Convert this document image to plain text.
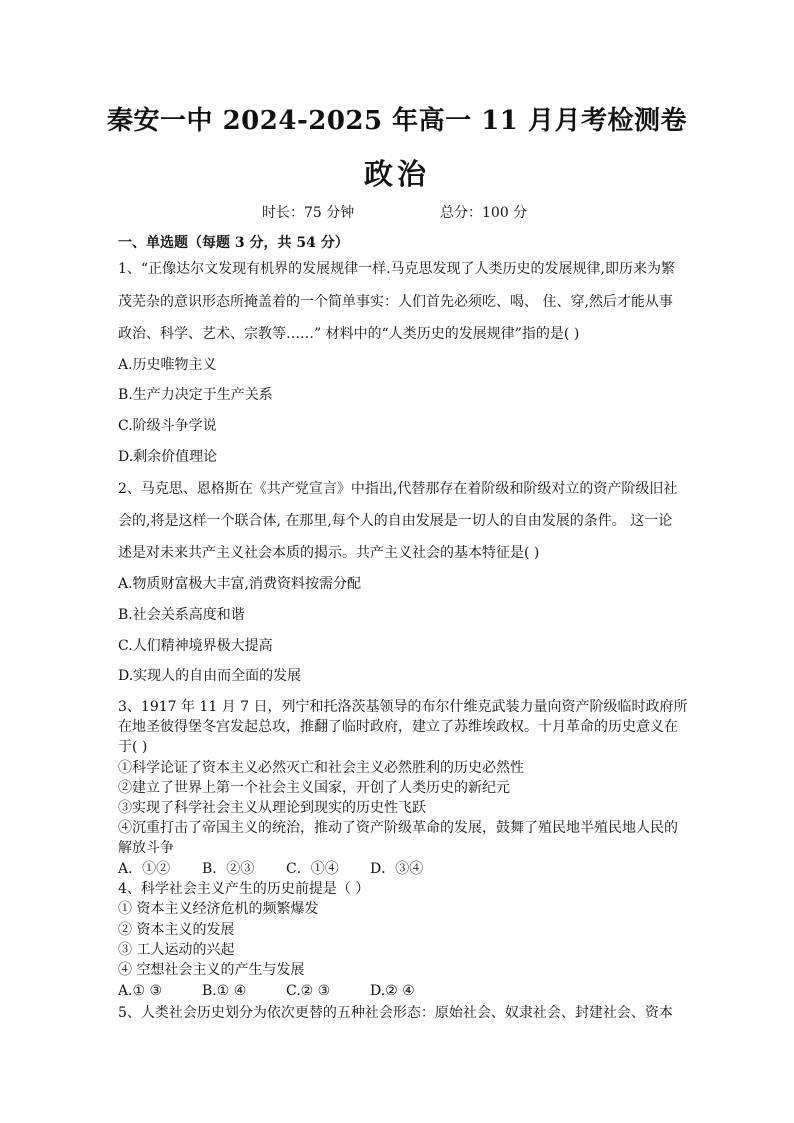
秦安一中 2024-2025 年高一 11 月月考检测卷
政治
时长：75 分钟	总分：100 分
一、单选题（每题 3 分，共 54 分）
1、“正像达尔文发现有机界的发展规律一样.马克思发现了人类历史的发展规律,即历来为繁
茂芜杂的意识形态所掩盖着的一个简单事实：人们首先必须吃、喝、 住、穿,然后才能从事
政治、科学、艺术、宗教等……” 材料中的“人类历史的发展规律”指的是( )
A.历史唯物主义
B.生产力决定于生产关系
C.阶级斗争学说
D.剩余价值理论
2、马克思、恩格斯在《共产党宣言》中指出,代替那存在着阶级和阶级对立的资产阶级旧社
会的,将是这样一个联合体, 在那里,每个人的自由发展是一切人的自由发展的条件。 这一论
述是对未来共产主义社会本质的揭示。共产主义社会的基本特征是( )
A.物质财富极大丰富,消费资料按需分配
B.社会关系高度和谐
C.人们精神境界极大提高
D.实现人的自由而全面的发展
3、1917 年 11 月 7 日，列宁和托洛茨基领导的布尔什维克武装力量向资产阶级临时政府所
在地圣彼得堡冬宫发起总攻，推翻了临时政府，建立了苏维埃政权。十月革命的历史意义在
于( )
①科学论证了资本主义必然灭亡和社会主义必然胜利的历史必然性
②建立了世界上第一个社会主义国家，开创了人类历史的新纪元
③实现了科学社会主义从理论到现实的历史性飞跃
④沉重打击了帝国主义的统治，推动了资产阶级革命的发展，鼓舞了殖民地半殖民地人民的
解放斗争
A．①② B．②③ C．①④ D．③④
4、科学社会主义产生的历史前提是（ ）
① 资本主义经济危机的频繁爆发
② 资本主义的发展
③ 工人运动的兴起
④ 空想社会主义的产生与发展
A.① ③	B.① ④	C.② ③	D.② ④
5、人类社会历史划分为依次更替的五种社会形态：原始社会、奴隶社会、封建社会、资本
